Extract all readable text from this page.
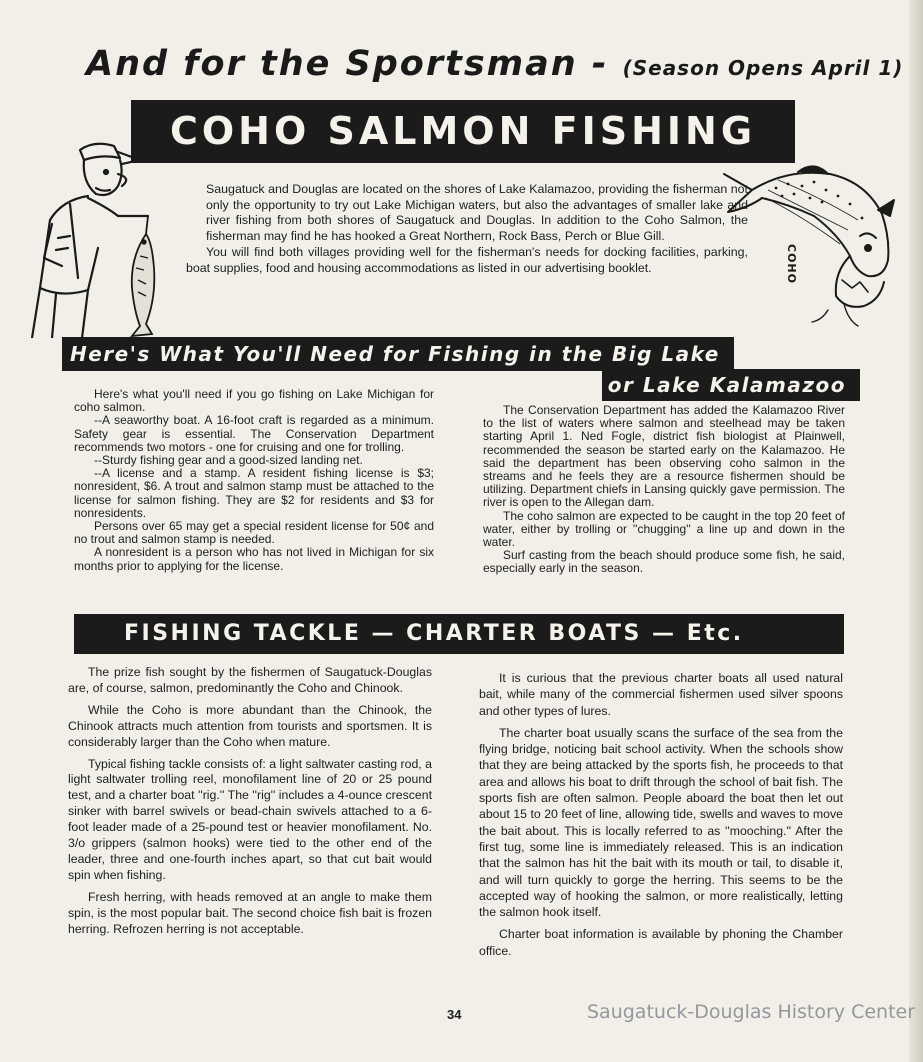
And for the Sportsman - (Season Opens April 1)
COHO SALMON FISHING
COHO

Saugatuck and Douglas are located on the shores of Lake Kalamazoo, providing the fisherman not only the opportunity to try out Lake Michigan waters, but also the advantages of smaller lake and river fishing from both shores of Saugatuck and Douglas. In addition to the Coho Salmon, the fisherman may find he has hooked a Great Northern, Rock Bass, Perch or Blue Gill.

You will find both villages providing well for the fisherman's needs for docking facilities, parking, boat supplies, food and housing accommodations as listed in our advertising booklet.

Here's What You'll Need for Fishing in the Big Lake
or Lake Kalamazoo

Here's what you'll need if you go fishing on Lake Michigan for coho salmon.

--A seaworthy boat. A 16-foot craft is regarded as a minimum. Safety gear is essential. The Conservation Department recommends two motors - one for cruising and one for trolling.

--Sturdy fishing gear and a good-sized landing net.

--A license and a stamp. A resident fishing license is $3; nonresident, $6. A trout and salmon stamp must be attached to the license for salmon fishing. They are $2 for residents and $3 for nonresidents.

Persons over 65 may get a special resident license for 50¢ and no trout and salmon stamp is needed.

A nonresident is a person who has not lived in Michigan for six months prior to applying for the license.

The Conservation Department has added the Kalamazoo River to the list of waters where salmon and steelhead may be taken starting April 1. Ned Fogle, district fish biologist at Plainwell, recommended the season be started early on the Kalamazoo. He said the department has been observing coho salmon in the streams and he feels they are a resource fishermen should be utilizing. Department chiefs in Lansing quickly gave permission. The river is open to the Allegan dam.

The coho salmon are expected to be caught in the top 20 feet of water, either by trolling or ''chugging'' a line up and down in the water.

Surf casting from the beach should produce some fish, he said, especially early in the season.

FISHING TACKLE — CHARTER BOATS — Etc.

The prize fish sought by the fishermen of Saugatuck-Douglas are, of course, salmon, predominantly the Coho and Chinook.

While the Coho is more abundant than the Chinook, the Chinook attracts much attention from tourists and sportsmen. It is considerably larger than the Coho when mature.

Typical fishing tackle consists of: a light saltwater casting rod, a light saltwater trolling reel, monofilament line of 20 or 25 pound test, and a charter boat ''rig.'' The ''rig'' includes a 4-ounce crescent sinker with barrel swivels or bead-chain swivels attached to a 6-foot leader made of a 25-pound test or heavier monofilament. No. 3/o grippers (salmon hooks) were tied to the other end of the leader, three and one-fourth inches apart, so that cut bait would spin when fishing.

Fresh herring, with heads removed at an angle to make them spin, is the most popular bait. The second choice fish bait is frozen herring. Refrozen herring is not acceptable.

It is curious that the previous charter boats all used natural bait, while many of the commercial fishermen used silver spoons and other types of lures.

The charter boat usually scans the surface of the sea from the flying bridge, noticing bait school activity. When the schools show that they are being attacked by the sports fish, he proceeds to that area and allows his boat to drift through the school of bait fish. The sports fish are often salmon. People aboard the boat then let out about 15 to 20 feet of line, allowing tide, swells and waves to move the bait about. This is locally referred to as ''mooching.'' After the first tug, some line is immediately released. This is an indication that the salmon has hit the bait with its mouth or tail, to disable it, and will turn quickly to gorge the herring. This seems to be the accepted way of hooking the salmon, or more realistically, letting the salmon hook itself.

Charter boat information is available by phoning the Chamber office.

34	Saugatuck-Douglas History Center
